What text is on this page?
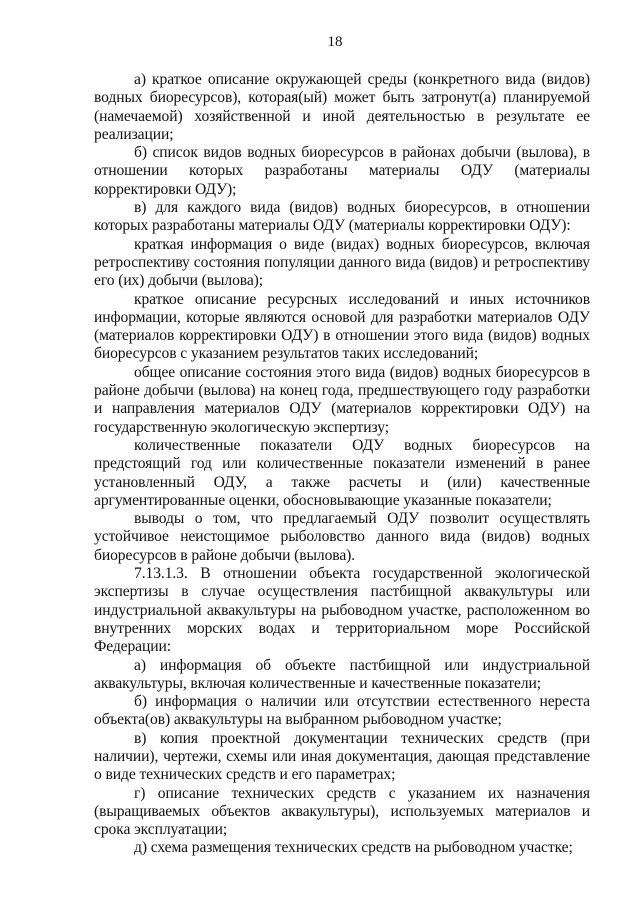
18

а) краткое описание окружающей среды (конкретного вида (видов) водных биоресурсов), которая(ый) может быть затронут(а) планируемой (намечаемой) хозяйственной и иной деятельностью в результате ее реализации;

б) список видов водных биоресурсов в районах добычи (вылова), в отношении которых разработаны материалы ОДУ (материалы корректировки ОДУ);

в) для каждого вида (видов) водных биоресурсов, в отношении которых разработаны материалы ОДУ (материалы корректировки ОДУ):

краткая информация о виде (видах) водных биоресурсов, включая ретроспективу состояния популяции данного вида (видов) и ретроспективу его (их) добычи (вылова);

краткое описание ресурсных исследований и иных источников информации, которые являются основой для разработки материалов ОДУ (материалов корректировки ОДУ) в отношении этого вида (видов) водных биоресурсов с указанием результатов таких исследований;

общее описание состояния этого вида (видов) водных биоресурсов в районе добычи (вылова) на конец года, предшествующего году разработки и направления материалов ОДУ (материалов корректировки ОДУ) на государственную экологическую экспертизу;

количественные показатели ОДУ водных биоресурсов на предстоящий год или количественные показатели изменений в ранее установленный ОДУ, а также расчеты и (или) качественные аргументированные оценки, обосновывающие указанные показатели;

выводы о том, что предлагаемый ОДУ позволит осуществлять устойчивое неистощимое рыболовство данного вида (видов) водных биоресурсов в районе добычи (вылова).

7.13.1.3. В отношении объекта государственной экологической экспертизы в случае осуществления пастбищной аквакультуры или индустриальной аквакультуры на рыбоводном участке, расположенном во внутренних морских водах и территориальном море Российской Федерации:

а) информация об объекте пастбищной или индустриальной аквакультуры, включая количественные и качественные показатели;

б) информация о наличии или отсутствии естественного нереста объекта(ов) аквакультуры на выбранном рыбоводном участке;

в) копия проектной документации технических средств (при наличии), чертежи, схемы или иная документация, дающая представление о виде технических средств и его параметрах;

г) описание технических средств с указанием их назначения (выращиваемых объектов аквакультуры), используемых материалов и срока эксплуатации;

д) схема размещения технических средств на рыбоводном участке;
